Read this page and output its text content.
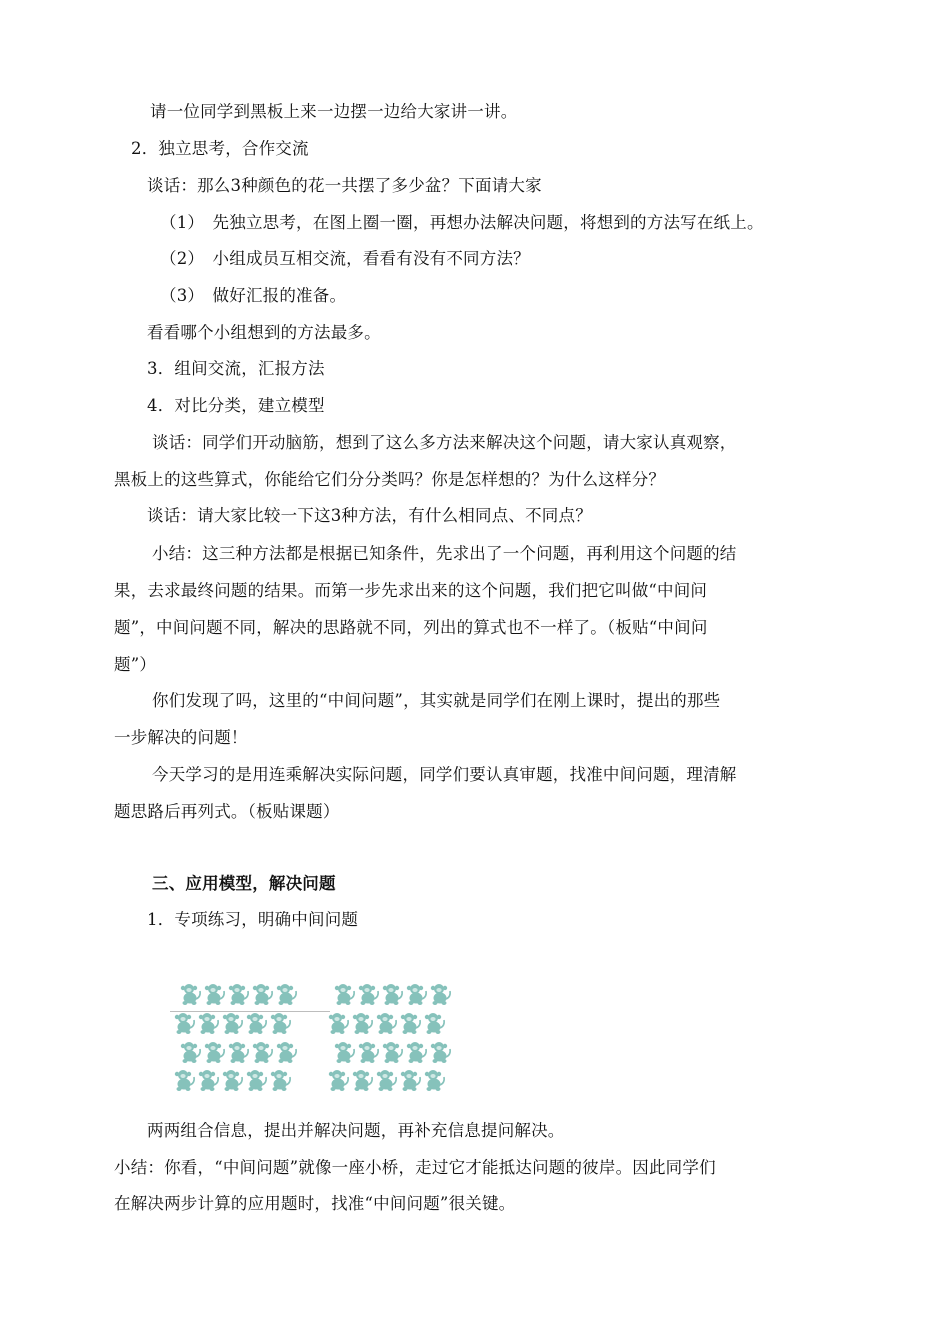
请一位同学到黑板上来一边摆一边给大家讲一讲。
2．独立思考，合作交流
谈话：那么3种颜色的花一共摆了多少盆？下面请大家
（1）　先独立思考，在图上圈一圈，再想办法解决问题，将想到的方法写在纸上。
（2）　小组成员互相交流，看看有没有不同方法？
（3）　做好汇报的准备。
看看哪个小组想到的方法最多。
3．组间交流，汇报方法
4．对比分类，建立模型
谈话：同学们开动脑筋，想到了这么多方法来解决这个问题，请大家认真观察，
黑板上的这些算式，你能给它们分分类吗？你是怎样想的？为什么这样分？
谈话：请大家比较一下这3种方法，有什么相同点、不同点？
小结：这三种方法都是根据已知条件，先求出了一个问题，再利用这个问题的结
果，去求最终问题的结果。而第一步先求出来的这个问题，我们把它叫做“中间问
题”，中间问题不同，解决的思路就不同，列出的算式也不一样了。（板贴“中间问
题”）
你们发现了吗，这里的“中间问题”，其实就是同学们在刚上课时，提出的那些
一步解决的问题！
今天学习的是用连乘解决实际问题，同学们要认真审题，找准中间问题，理清解
题思路后再列式。（板贴课题）
三、应用模型，解决问题
1．专项练习，明确中间问题
两两组合信息，提出并解决问题，再补充信息提问解决。
小结：你看，“中间问题”就像一座小桥，走过它才能抵达问题的彼岸。因此同学们
在解决两步计算的应用题时，找准“中间问题”很关键。
